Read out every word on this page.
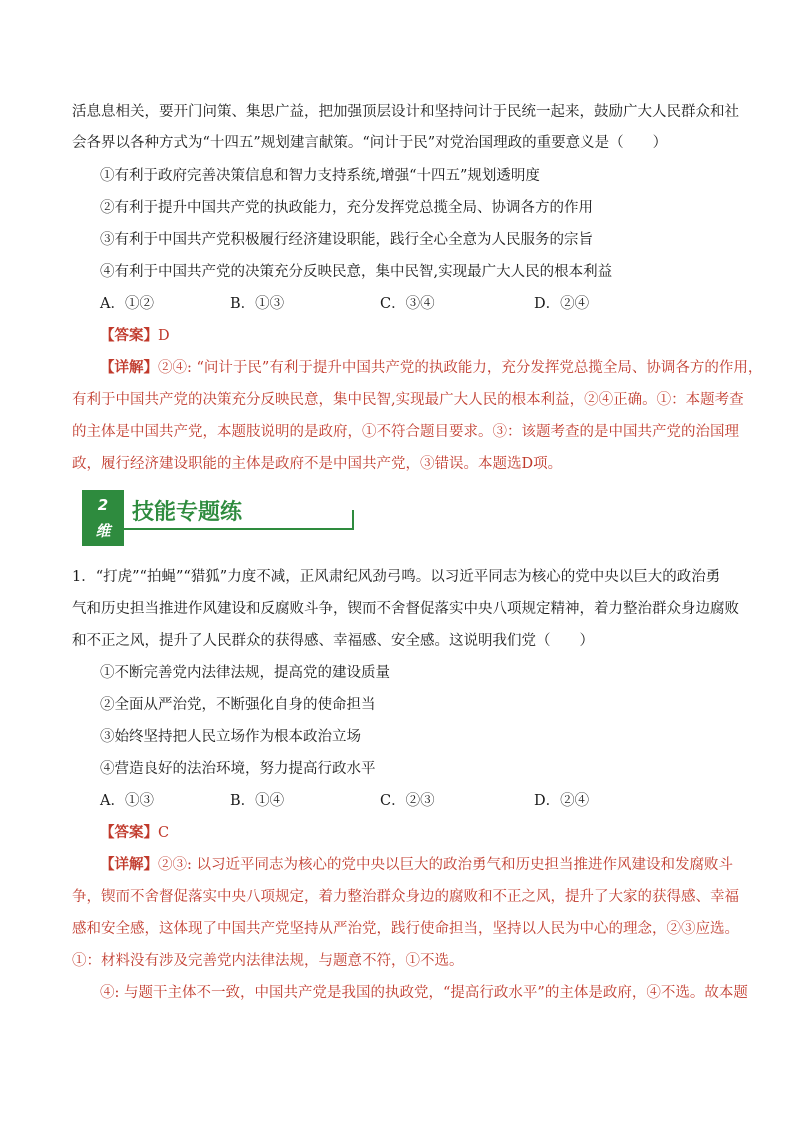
活息息相关，要开门问策、集思广益，把加强顶层设计和坚持问计于民统一起来，鼓励广大人民群众和社
会各界以各种方式为“十四五”规划建言献策。“问计于民”对党治国理政的重要意义是（　　）
①有利于政府完善决策信息和智力支持系统,增强“十四五”规划透明度
②有利于提升中国共产党的执政能力，充分发挥党总揽全局、协调各方的作用
③有利于中国共产党积极履行经济建设职能，践行全心全意为人民服务的宗旨
④有利于中国共产党的决策充分反映民意，集中民智,实现最广大人民的根本利益
A．①②	B．①③	C．③④	D．②④
【答案】D
【详解】②④: “问计于民”有利于提升中国共产党的执政能力，充分发挥党总揽全局、协调各方的作用，
有利于中国共产党的决策充分反映民意，集中民智,实现最广大人民的根本利益，②④正确。①：本题考查
的主体是中国共产党，本题肢说明的是政府，①不符合题目要求。③：该题考查的是中国共产党的治国理
政，履行经济建设职能的主体是政府不是中国共产党，③错误。本题选D项。
2
维
技能专题练
1．“打虎”“拍蝇”“猎狐”力度不减，正风肃纪风劲弓鸣。以习近平同志为核心的党中央以巨大的政治勇
气和历史担当推进作风建设和反腐败斗争，锲而不舍督促落实中央八项规定精神，着力整治群众身边腐败
和不正之风，提升了人民群众的获得感、幸福感、安全感。这说明我们党（　　）
①不断完善党内法律法规，提高党的建设质量
②全面从严治党，不断强化自身的使命担当
③始终坚持把人民立场作为根本政治立场
④营造良好的法治环境，努力提高行政水平
A．①③	B．①④	C．②③	D．②④
【答案】C
【详解】②③: 以习近平同志为核心的党中央以巨大的政治勇气和历史担当推进作风建设和发腐败斗
争，锲而不舍督促落实中央八项规定，着力整治群众身边的腐败和不正之风，提升了大家的获得感、幸福
感和安全感，这体现了中国共产党坚持从严治党，践行使命担当，坚持以人民为中心的理念，②③应选。
①：材料没有涉及完善党内法律法规，与题意不符，①不选。
④: 与题干主体不一致，中国共产党是我国的执政党，“提高行政水平”的主体是政府，④不选。故本题
